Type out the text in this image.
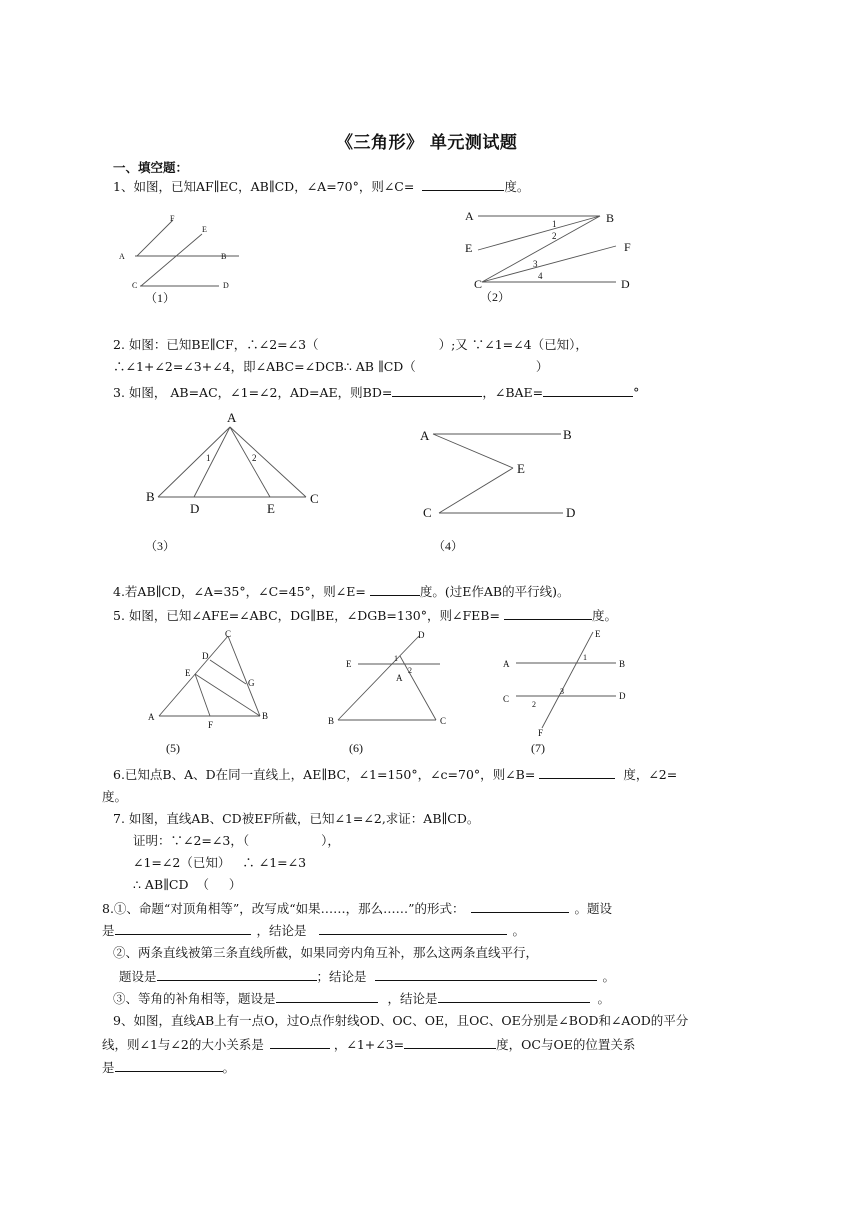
《三角形》 单元测试题
一、填空题：
1、如图，已知AF∥EC，AB∥CD，∠A=70°，则∠C=	度。
F
E
A	B
C	D
（1）
A	B
E	F
C	D
1
2
3
4
（2）
2. 如图：已知BE∥CF，∴∠2=∠3（	）;又 ∵∠1=∠4（已知），
∴∠1+∠2=∠3+∠4，即∠ABC=∠DCB∴ AB ∥CD（	）
3. 如图， AB=AC，∠1=∠2，AD=AE，则BD=	，∠BAE=	°
A
1	2
B
D	E
C
（3）
A	B
E
C	D
（4）
4.若AB∥CD，∠A=35°，∠C=45°，则∠E=	度。(过E作AB的平行线)。
5. 如图，已知∠AFE=∠ABC，DG∥BE，∠DGB=130°，则∠FEB=	度。
C
D
E
G
A
F
B
(5)
D
E
1
2
A
B	C
(6)
E
A
1
B
C
3	D
2
F
(7)
6.已知点B、A、D在同一直线上，AE∥BC，∠1=150°，∠c=70°，则∠B=	度，∠2=
度。
7. 如图，直线AB、CD被EF所截，已知∠1=∠2,求证：AB∥CD。
证明：∵∠2=∠3，（	），
∠1=∠2（已知）   ∴ ∠1=∠3
∴ AB∥CD  （     ）
8.①、命题“对顶角相等”，改写成“如果……，那么……”的形式：	。题设
是	，结论是	。
②、两条直线被第三条直线所截，如果同旁内角互补，那么这两条直线平行，
题设是	；结论是	。
③、等角的补角相等，题设是	，结论是	。
9、如图，直线AB上有一点O，过O点作射线OD、OC、OE，且OC、OE分别是∠BOD和∠AOD的平分
线，则∠1与∠2的大小关系是	，∠1+∠3=	度，OC与OE的位置关系
是	。
